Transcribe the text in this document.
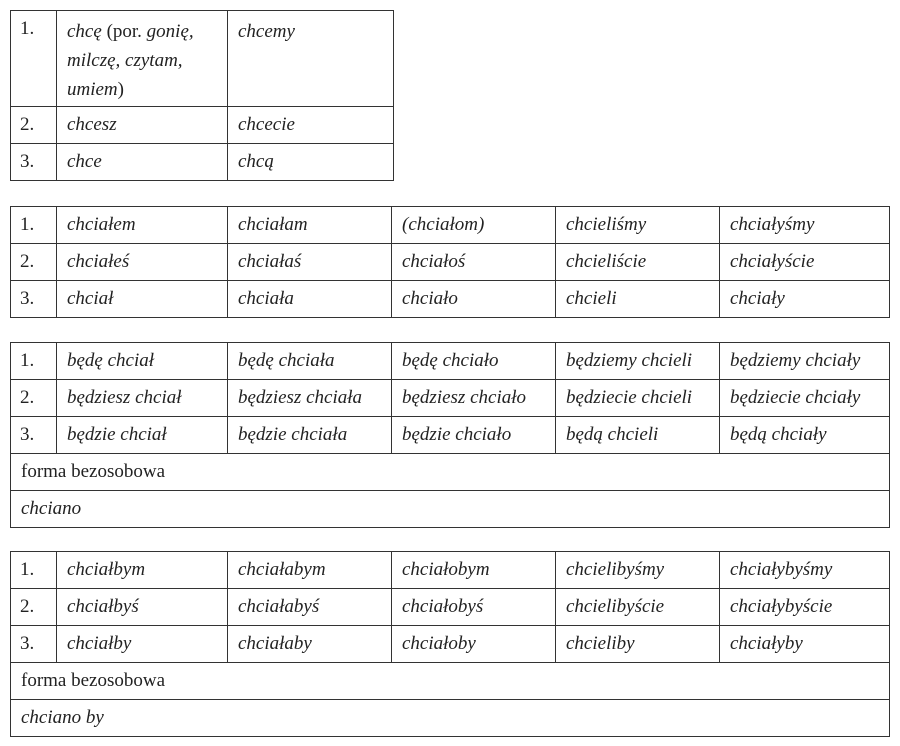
1.	chcę (por. gonię, milczę, czytam, umiem)	chcemy
2.	chcesz	chcecie
3.	chce	chcą
1.	chciałem	chciałam	(chciałom)	chcieliśmy	chciałyśmy
2.	chciałeś	chciałaś	chciałoś	chcieliście	chciałyście
3.	chciał	chciała	chciało	chcieli	chciały
1.	będę chciał	będę chciała	będę chciało	będziemy chcieli	będziemy chciały
2.	będziesz chciał	będziesz chciała	będziesz chciało	będziecie chcieli	będziecie chciały
3.	będzie chciał	będzie chciała	będzie chciało	będą chcieli	będą chciały
forma bezosobowa					
chciano					
1.	chciałbym	chciałabym	chciałobym	chcielibyśmy	chciałybyśmy
2.	chciałbyś	chciałabyś	chciałobyś	chcielibyście	chciałybyście
3.	chciałby	chciałaby	chciałoby	chcieliby	chciałyby
forma bezosobowa					
chciano by					
